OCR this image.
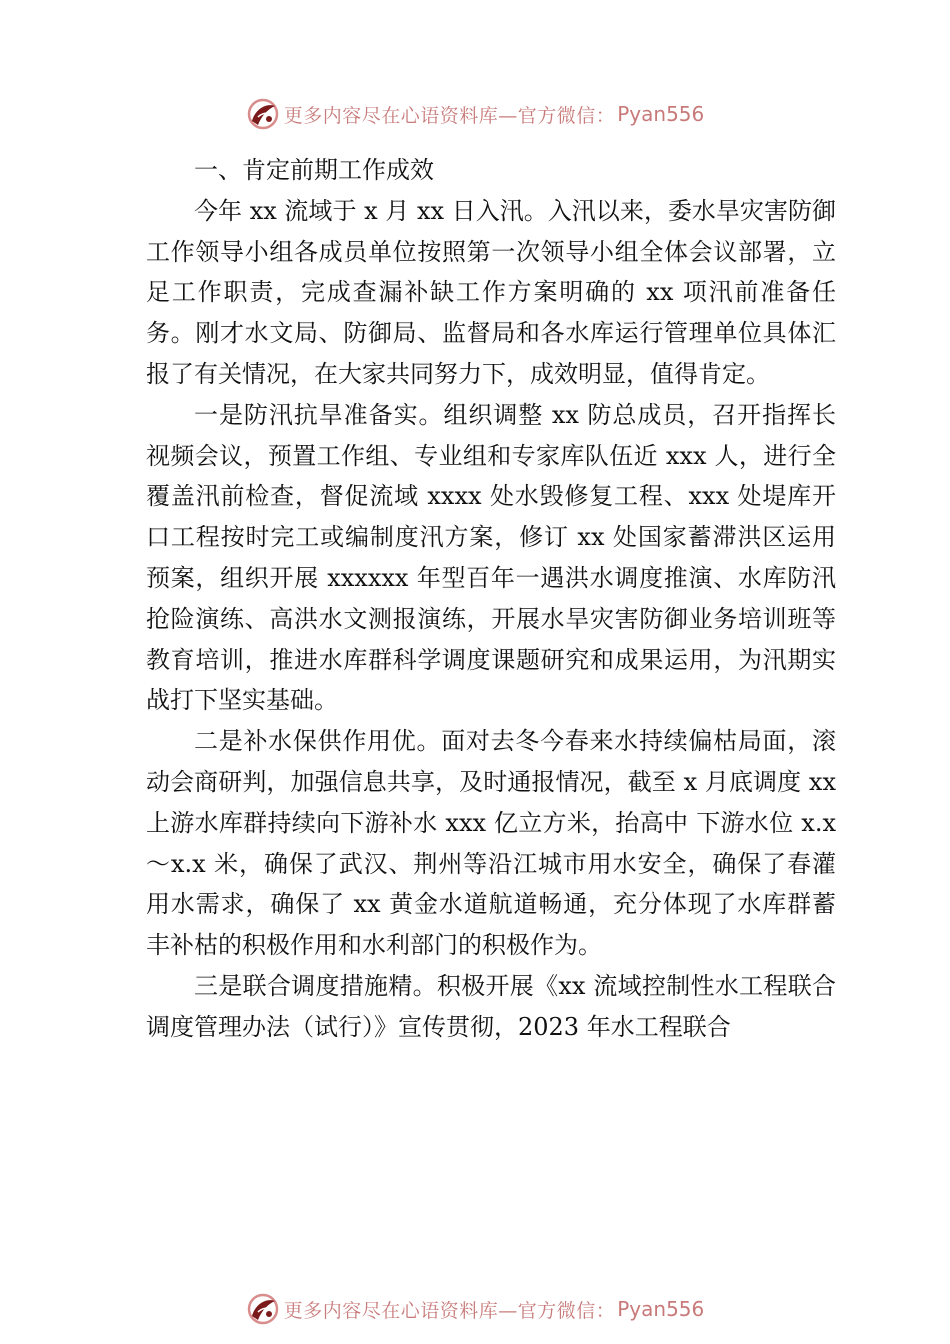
更多内容尽在心语资料库—官方微信： Pyan556

一、肯定前期工作成效

今年 xx 流域于 x 月 xx 日入汛。入汛以来，委水旱灾害防御工作领导小组各成员单位按照第一次领导小组全体会议部署，立足工作职责，完成查漏补缺工作方案明确的 xx 项汛前准备任务。刚才水文局、防御局、监督局和各水库运行管理单位具体汇报了有关情况，在大家共同努力下，成效明显，值得肯定。

一是防汛抗旱准备实。组织调整 xx 防总成员，召开指挥长视频会议，预置工作组、专业组和专家库队伍近 xxx 人，进行全覆盖汛前检查，督促流域 xxxx 处水毁修复工程、xxx 处堤库开口工程按时完工或编制度汛方案，修订 xx 处国家蓄滞洪区运用预案，组织开展 xxxxxx 年型百年一遇洪水调度推演、水库防汛抢险演练、高洪水文测报演练，开展水旱灾害防御业务培训班等教育培训，推进水库群科学调度课题研究和成果运用，为汛期实战打下坚实基础。

二是补水保供作用优。面对去冬今春来水持续偏枯局面，滚动会商研判，加强信息共享，及时通报情况，截至 x 月底调度 xx 上游水库群持续向下游补水 xxx 亿立方米，抬高中 下游水位 x.x～x.x 米，确保了武汉、荆州等沿江城市用水安全，确保了春灌用水需求，确保了 xx 黄金水道航道畅通，充分体现了水库群蓄丰补枯的积极作用和水利部门的积极作为。

三是联合调度措施精。积极开展《xx 流域控制性水工程联合调度管理办法（试行）》宣传贯彻，2023 年水工程联合

更多内容尽在心语资料库—官方微信： Pyan556
